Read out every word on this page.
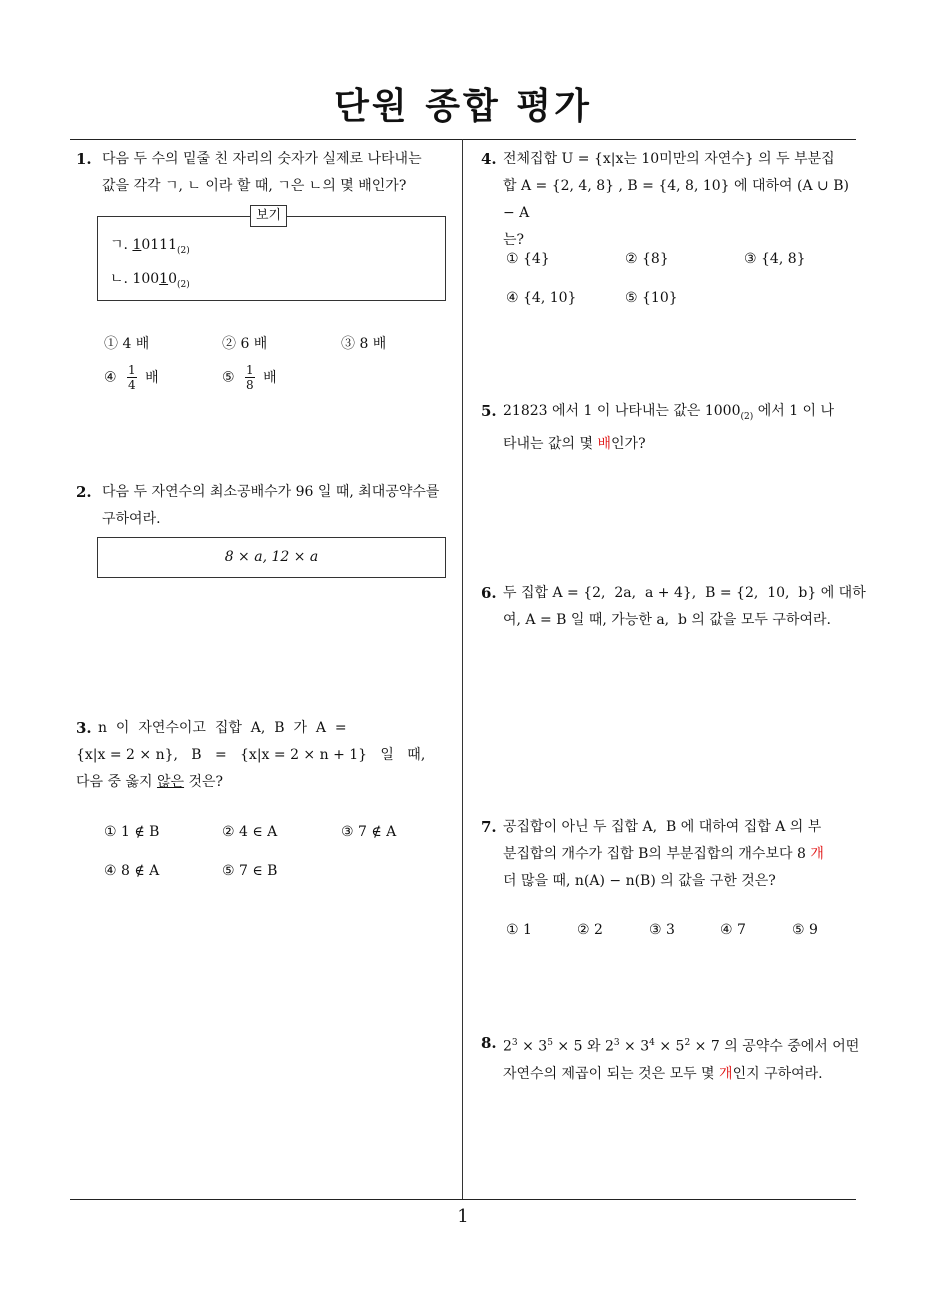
단원 종합 평가
1
1. 다음 두 수의 밑줄 친 자리의 숫자가 실제로 나타내는
값을 각각 ㄱ, ㄴ 이라 할 때, ㄱ은 ㄴ의 몇 배인가?
ㄱ. $10111_{(2)}$
ㄴ. $10010_{(2)}$
보기
① 4 배	② 6 배	③ 8 배
④ $\frac{1}{4}$ 배	⑤ $\frac{1}{8}$ 배
2. 다음 두 자연수의 최소공배수가 96 일 때, 최대공약수를
구하여라.
8 × a, 12 × a
3. n  이  자연수이고  집합  A,  B  가  A  =
{x|x = 2 × n},   B   =   {x|x = 2 × n + 1}   일   때,
다음 중 옳지 않은 것은?
① 1 ∉ B	② 4 ∈ A	③ 7 ∉ A
④ 8 ∉ A	⑤ 7 ∈ B
4. 전체집합 U = {x|x는 10미만의 자연수} 의 두 부분집
합 A = {2, 4, 8} , B = {4, 8, 10} 에 대하여 (A ∪ B) − A
는?
① {4}	② {8}	③ {4, 8}
④ {4, 10}	⑤ {10}
5. 21823 에서 1 이 나타내는 값은 $1000_{(2)}$ 에서 1 이 나
타내는 값의 몇 배인가?
6. 두 집합 A = {2,  2a,  a + 4},  B = {2,  10,  b} 에 대하
여, A = B 일 때, 가능한 a,  b 의 값을 모두 구하여라.
7. 공집합이 아닌 두 집합 A,  B 에 대하여 집합 A 의 부
분집합의 개수가 집합 B의 부분집합의 개수보다 8 개
더 많을 때, n(A) − n(B) 의 값을 구한 것은?
① 1	② 2	③ 3	④ 7	⑤ 9
8. $2^3 \times 3^5 \times 5$ 와 $2^3 \times 3^4 \times 5^2 \times 7$ 의 공약수 중에서 어떤
자연수의 제곱이 되는 것은 모두 몇 개인지 구하여라.
